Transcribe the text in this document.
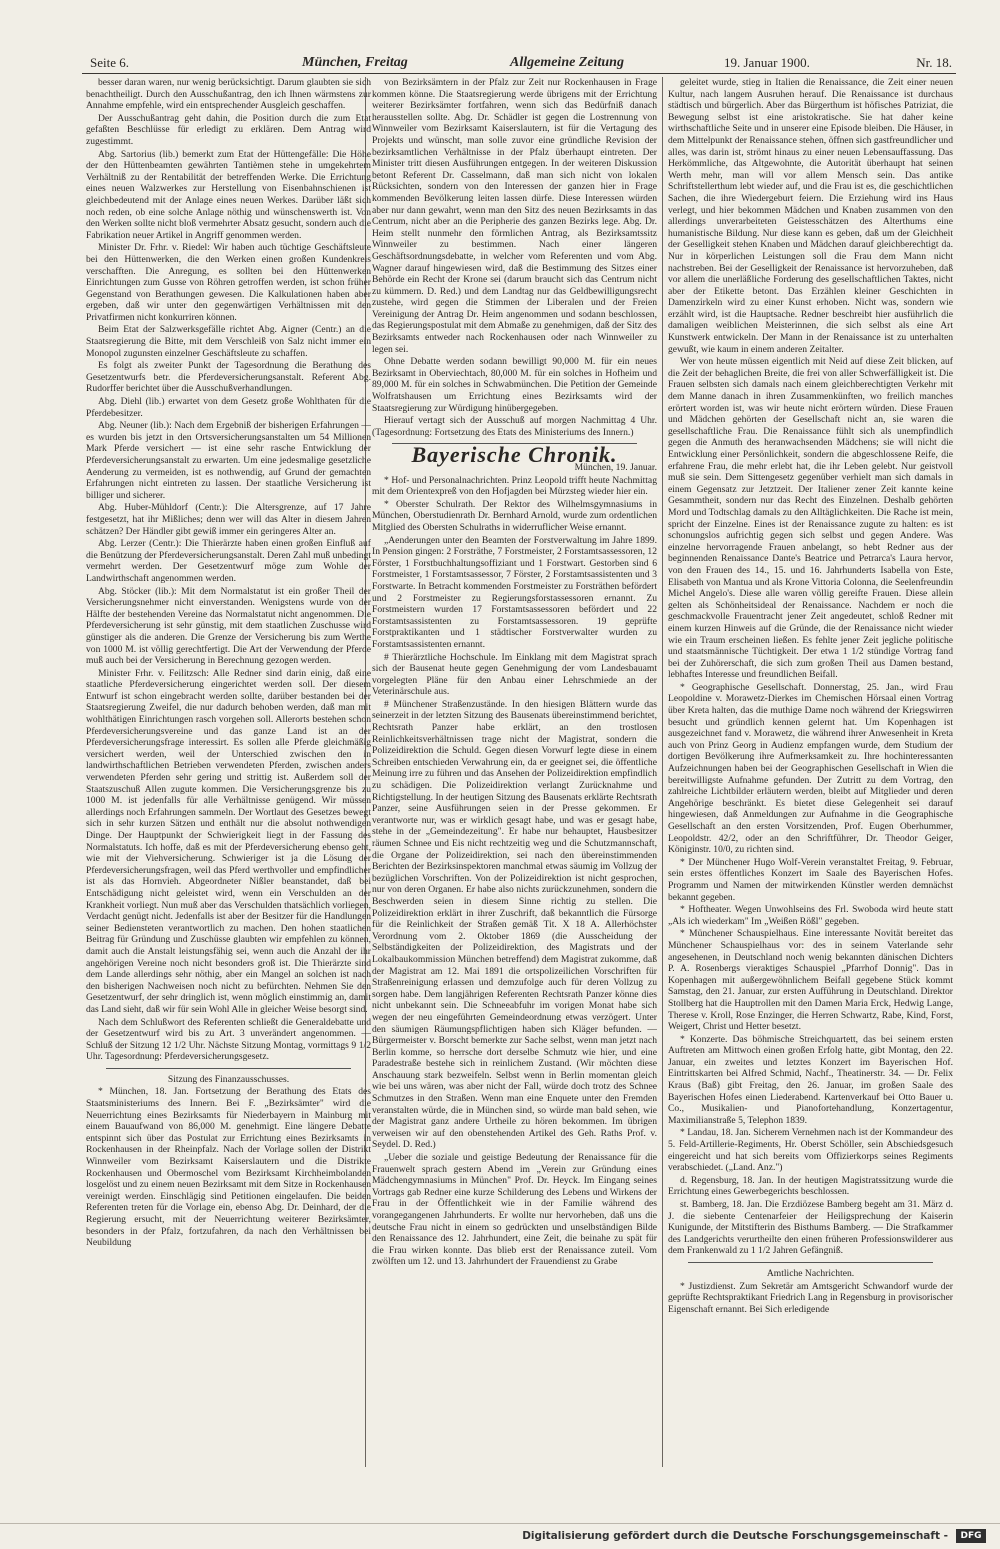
Seite 6.	München, Freitag	Allgemeine Zeitung	19. Januar 1900.	Nr. 18.

besser daran waren, nur wenig berücksichtigt. Darum glaubten sie sich benachtheiligt. Durch den Ausschußantrag, den ich Ihnen wärmstens zur Annahme empfehle, wird ein entsprechender Ausgleich geschaffen.

Der Ausschußantrag geht dahin, die Position durch die zum Etat gefaßten Beschlüsse für erledigt zu erklären. Dem Antrag wird zugestimmt.

Abg. Sartorius (lib.) bemerkt zum Etat der Hüttengefälle: Die Höhe der den Hüttenbeamten gewährten Tantièmen stehe in umgekehrtem Verhältniß zu der Rentabilität der betreffenden Werke. Die Errichtung eines neuen Walzwerkes zur Herstellung von Eisenbahnschienen ist gleichbedeutend mit der Anlage eines neuen Werkes. Darüber läßt sich noch reden, ob eine solche Anlage nöthig und wünschenswerth ist. Von den Werken sollte nicht bloß vermehrter Absatz gesucht, sondern auch die Fabrikation neuer Artikel in Angriff genommen werden.

Minister Dr. Frhr. v. Riedel: Wir haben auch tüchtige Geschäftsleute bei den Hüttenwerken, die den Werken einen großen Kundenkreis verschafften. Die Anregung, es sollten bei den Hüttenwerken Einrichtungen zum Gusse von Röhren getroffen werden, ist schon früher Gegenstand von Berathungen gewesen. Die Kalkulationen haben aber ergeben, daß wir unter den gegenwärtigen Verhältnissen mit den Privatfirmen nicht konkurriren können.

Beim Etat der Salzwerksgefälle richtet Abg. Aigner (Centr.) an die Staatsregierung die Bitte, mit dem Verschleiß von Salz nicht immer ein Monopol zugunsten einzelner Geschäftsleute zu schaffen.

Es folgt als zweiter Punkt der Tagesordnung die Berathung des Gesetzentwurfs betr. die Pferdeversicherungsanstalt. Referent Abg. Rudorffer berichtet über die Ausschußverhandlungen.

Abg. Diehl (lib.) erwartet von dem Gesetz große Wohlthaten für die Pferdebesitzer.

Abg. Neuner (lib.): Nach dem Ergebniß der bisherigen Erfahrungen — es wurden bis jetzt in den Ortsversicherungsanstalten um 54 Millionen Mark Pferde versichert — ist eine sehr rasche Entwicklung der Pferdeversicherungsanstalt zu erwarten. Um eine jedesmalige gesetzliche Aenderung zu vermeiden, ist es nothwendig, auf Grund der gemachten Erfahrungen nicht eintreten zu lassen. Der staatliche Versicherung ist billiger und sicherer.

Abg. Huber-Mühldorf (Centr.): Die Altersgrenze, auf 17 Jahre festgesetzt, hat ihr Mißliches; denn wer will das Alter in diesem Jahren schätzen? Der Händler gibt gewiß immer ein geringeres Alter an.

Abg. Lerzer (Centr.): Die Thierärzte haben einen großen Einfluß auf die Benützung der Pferdeversicherungsanstalt. Deren Zahl muß unbedingt vermehrt werden. Der Gesetzentwurf möge zum Wohle der Landwirthschaft angenommen werden.

Abg. Stöcker (lib.): Mit dem Normalstatut ist ein großer Theil der Versicherungsnehmer nicht einverstanden. Wenigstens wurde von der Hälfte der bestehenden Vereine das Normalstatut nicht angenommen. Die Pferdeversicherung ist sehr günstig, mit dem staatlichen Zuschusse wird günstiger als die anderen. Die Grenze der Versicherung bis zum Werthe von 1000 M. ist völlig gerechtfertigt. Die Art der Verwendung der Pferde muß auch bei der Versicherung in Berechnung gezogen werden.

Minister Frhr. v. Feilitzsch: Alle Redner sind darin einig, daß eine staatliche Pferdeversicherung eingerichtet werden soll. Der diesem Entwurf ist schon eingebracht werden sollte, darüber bestanden bei der Staatsregierung Zweifel, die nur dadurch behoben werden, daß man mit wohlthätigen Einrichtungen rasch vorgehen soll. Allerorts bestehen schon Pferdeversicherungsvereine und das ganze Land ist an der Pferdeversicherungsfrage interessirt. Es sollen alle Pferde gleichmäßig versichert werden, weil der Unterschied zwischen den in landwirthschaftlichen Betrieben verwendeten Pferden, zwischen anders verwendeten Pferden sehr gering und strittig ist. Außerdem soll der Staatszuschuß Allen zugute kommen. Die Versicherungsgrenze bis zu 1000 M. ist jedenfalls für alle Verhältnisse genügend. Wir müssen allerdings noch Erfahrungen sammeln. Der Wortlaut des Gesetzes bewegt sich in sehr kurzen Sätzen und enthält nur die absolut nothwendigen Dinge. Der Hauptpunkt der Schwierigkeit liegt in der Fassung des Normalstatuts. Ich hoffe, daß es mit der Pferdeversicherung ebenso geht, wie mit der Viehversicherung. Schwieriger ist ja die Lösung der Pferdeversicherungsfragen, weil das Pferd werthvoller und empfindlicher ist als das Hornvieh. Abgeordneter Nißler beanstandet, daß bei Entschädigung nicht geleistet wird, wenn ein Verschulden an der Krankheit vorliegt. Nun muß aber das Verschulden thatsächlich vorliegen, Verdacht genügt nicht. Jedenfalls ist aber der Besitzer für die Handlungen seiner Bediensteten verantwortlich zu machen. Den hohen staatlichen Beitrag für Gründung und Zuschüsse glaubten wir empfehlen zu können, damit auch die Anstalt leistungsfähig sei, wenn auch die Anzahl der ihr angehörigen Vereine noch nicht besonders groß ist. Die Thierärzte sind dem Lande allerdings sehr nöthig, aber ein Mangel an solchen ist nach den bisherigen Nachweisen noch nicht zu befürchten. Nehmen Sie den Gesetzentwurf, der sehr dringlich ist, wenn möglich einstimmig an, damit das Land sieht, daß wir für sein Wohl Alle in gleicher Weise besorgt sind.

Nach dem Schlußwort des Referenten schließt die Generaldebatte und der Gesetzentwurf wird bis zu Art. 3 unverändert angenommen. — Schluß der Sitzung 12 1/2 Uhr. Nächste Sitzung Montag, vormittags 9 1/2 Uhr. Tagesordnung: Pferdeversicherungsgesetz.

Sitzung des Finanzausschusses.

* München, 18. Jan. Fortsetzung der Berathung des Etats des Staatsministeriums des Innern. Bei F. „Bezirksämter" wird die Neuerrichtung eines Bezirksamts für Niederbayern in Mainburg mit einem Bauaufwand von 86,000 M. genehmigt. Eine längere Debatte entspinnt sich über das Postulat zur Errichtung eines Bezirksamts in Rockenhausen in der Rheinpfalz. Nach der Vorlage sollen der Distrikt Winnweiler vom Bezirksamt Kaiserslautern und die Distrikte Rockenhausen und Obermoschel vom Bezirksamt Kirchheimbolanden losgelöst und zu einem neuen Bezirksamt mit dem Sitze in Rockenhausen vereinigt werden. Einschlägig sind Petitionen eingelaufen. Die beiden Referenten treten für die Vorlage ein, ebenso Abg. Dr. Deinhard, der die Regierung ersucht, mit der Neuerrichtung weiterer Bezirksämter, besonders in der Pfalz, fortzufahren, da nach den Verhältnissen bei Neubildung

von Bezirksämtern in der Pfalz zur Zeit nur Rockenhausen in Frage kommen könne. Die Staatsregierung werde übrigens mit der Errichtung weiterer Bezirksämter fortfahren, wenn sich das Bedürfniß danach herausstellen sollte. Abg. Dr. Schädler ist gegen die Lostrennung von Winnweiler vom Bezirksamt Kaiserslautern, ist für die Vertagung des Projekts und wünscht, man solle zuvor eine gründliche Revision der bezirksamtlichen Verhältnisse in der Pfalz überhaupt eintreten. Der Minister tritt diesen Ausführungen entgegen. In der weiteren Diskussion betont Referent Dr. Casselmann, daß man sich nicht von lokalen Rücksichten, sondern von den Interessen der ganzen hier in Frage kommenden Bevölkerung leiten lassen dürfe. Diese Interessen würden aber nur dann gewahrt, wenn man den Sitz des neuen Bezirksamts in das Centrum, nicht aber an die Peripherie des ganzen Bezirks lege. Abg. Dr. Heim stellt nunmehr den förmlichen Antrag, als Bezirksamtssitz Winnweiler zu bestimmen. Nach einer längeren Geschäftsordnungsdebatte, in welcher vom Referenten und vom Abg. Wagner darauf hingewiesen wird, daß die Bestimmung des Sitzes einer Behörde ein Recht der Krone sei (darum braucht sich das Centrum nicht zu kümmern. D. Red.) und dem Landtag nur das Geldbewilligungsrecht zustehe, wird gegen die Stimmen der Liberalen und der Freien Vereinigung der Antrag Dr. Heim angenommen und sodann beschlossen, das Regierungspostulat mit dem Abmaße zu genehmigen, daß der Sitz des Bezirksamts entweder nach Rockenhausen oder nach Winnweiler zu legen sei.

Ohne Debatte werden sodann bewilligt 90,000 M. für ein neues Bezirksamt in Oberviechtach, 80,000 M. für ein solches in Hofheim und 89,000 M. für ein solches in Schwabmünchen. Die Petition der Gemeinde Wolfratshausen um Errichtung eines Bezirksamts wird der Staatsregierung zur Würdigung hinübergegeben.

Hierauf vertagt sich der Ausschuß auf morgen Nachmittag 4 Uhr. (Tagesordnung: Fortsetzung des Etats des Ministeriums des Innern.)

Bayerische Chronik.

München, 19. Januar.

* Hof- und Personalnachrichten. Prinz Leopold trifft heute Nachmittag mit dem Orientexpreß von den Hofjagden bei Mürzsteg wieder hier ein.

* Oberster Schulrath. Der Rektor des Wilhelmsgymnasiums in München, Oberstudienrath Dr. Bernhard Arnold, wurde zum ordentlichen Mitglied des Obersten Schulraths in widerruflicher Weise ernannt.

„Aenderungen unter den Beamten der Forstverwaltung im Jahre 1899. In Pension gingen: 2 Forsträthe, 7 Forstmeister, 2 Forstamtsassessoren, 12 Förster, 1 Forstbuchhaltungsoffiziant und 1 Forstwart. Gestorben sind 6 Forstmeister, 1 Forstamtsassessor, 7 Förster, 2 Forstamtsassistenten und 3 Forstwarte. In Betracht kommenden Forstmeister zu Forsträthen befördert und 2 Forstmeister zu Regierungsforstassessoren ernannt. Zu Forstmeistern wurden 17 Forstamtsassessoren befördert und 22 Forstamtsassistenten zu Forstamtsassessoren. 19 geprüfte Forstpraktikanten und 1 städtischer Forstverwalter wurden zu Forstamtsassistenten ernannt.

# Thierärztliche Hochschule. Im Einklang mit dem Magistrat sprach sich der Bausenat heute gegen Genehmigung der vom Landesbauamt vorgelegten Pläne für den Anbau einer Lehrschmiede an der Veterinärschule aus.

# Münchener Straßenzustände. In den hiesigen Blättern wurde das seinerzeit in der letzten Sitzung des Bausenats übereinstimmend berichtet, Rechtsrath Panzer habe erklärt, an den trostlosen Reinlichkeitsverhältnissen trage nicht der Magistrat, sondern die Polizeidirektion die Schuld. Gegen diesen Vorwurf legte diese in einem Schreiben entschieden Verwahrung ein, da er geeignet sei, die öffentliche Meinung irre zu führen und das Ansehen der Polizeidirektion empfindlich zu schädigen. Die Polizeidirektion verlangt Zurücknahme und Richtigstellung. In der heutigen Sitzung des Bausenats erklärte Rechtsrath Panzer, seine Ausführungen seien in der Presse gekommen. Er verantworte nur, was er wirklich gesagt habe, und was er gesagt habe, stehe in der „Gemeindezeitung". Er habe nur behauptet, Hausbesitzer räumen Schnee und Eis nicht rechtzeitig weg und die Schutzmannschaft, die Organe der Polizeidirektion, sei nach den übereinstimmenden Berichten der Bezirksinspektoren manchmal etwas säumig im Vollzug der bezüglichen Vorschriften. Von der Polizeidirektion ist nicht gesprochen, nur von deren Organen. Er habe also nichts zurückzunehmen, sondern die Beschwerden seien in diesem Sinne richtig zu stellen. Die Polizeidirektion erklärt in ihrer Zuschrift, daß bekanntlich die Fürsorge für die Reinlichkeit der Straßen gemäß Tit. X 18 A. Allerhöchster Verordnung vom 2. Oktober 1869 (die Ausscheidung der Selbständigkeiten der Polizeidirektion, des Magistrats und der Lokalbaukommission München betreffend) dem Magistrat zukomme, daß der Magistrat am 12. Mai 1891 die ortspolizeilichen Vorschriften für Straßenreinigung erlassen und demzufolge auch für deren Vollzug zu sorgen habe. Dem langjährigen Referenten Rechtsrath Panzer könne dies nicht unbekannt sein. Die Schneeabfuhr im vorigen Monat habe sich wegen der neu eingeführten Gemeindeordnung etwas verzögert. Unter den säumigen Räumungspflichtigen haben sich Kläger befunden. — Bürgermeister v. Borscht bemerkte zur Sache selbst, wenn man jetzt nach Berlin komme, so herrsche dort derselbe Schmutz wie hier, und eine Paradestraße bestehe sich in reinlichem Zustand. (Wir möchten diese Anschauung stark bezweifeln. Selbst wenn in Berlin momentan gleich wie bei uns wären, was aber nicht der Fall, würde doch trotz des Schnee Schmutzes in den Straßen. Wenn man eine Enquete unter den Fremden veranstalten würde, die in München sind, so würde man bald sehen, wie der Magistrat ganz andere Urtheile zu hören bekommen. Im übrigen verweisen wir auf den obenstehenden Artikel des Geh. Raths Prof. v. Seydel. D. Red.)

„Ueber die soziale und geistige Bedeutung der Renaissance für die Frauenwelt sprach gestern Abend im „Verein zur Gründung eines Mädchengymnasiums in München" Prof. Dr. Heyck. Im Eingang seines Vortrags gab Redner eine kurze Schilderung des Lebens und Wirkens der Frau in der Öffentlichkeit wie in der Familie während des vorangegangenen Jahrhunderts. Er wollte nur hervorheben, daß uns die deutsche Frau nicht in einem so gedrückten und unselbständigen Bilde den Renaissance des 12. Jahrhundert, eine Zeit, die beinahe zu spät für die Frau wirken konnte. Das blieb erst der Renaissance zuteil. Vom zwölften um 12. und 13. Jahrhundert der Frauendienst zu Grabe

geleitet wurde, stieg in Italien die Renaissance, die Zeit einer neuen Kultur, nach langem Ausruhen herauf. Die Renaissance ist durchaus städtisch und bürgerlich. Aber das Bürgerthum ist höfisches Patriziat, die Bewegung selbst ist eine aristokratische. Sie hat daher keine wirthschaftliche Seite und in unserer eine Episode bleiben. Die Häuser, in dem Mittelpunkt der Renaissance stehen, öffnen sich gastfreundlicher und alles, was darin ist, strömt hinaus zu einer neuen Lebensauffassung. Das Herkömmliche, das Altgewohnte, die Autorität überhaupt hat seinen Werth mehr, man will vor allem Mensch sein. Das antike Schriftstellerthum lebt wieder auf, und die Frau ist es, die geschichtlichen Sachen, die ihre Wiedergeburt feiern. Die Erziehung wird ins Haus verlegt, und hier bekommen Mädchen und Knaben zusammen von den allerdings unverarbeiteten Geistesschätzen des Alterthums eine humanistische Bildung. Nur diese kann es geben, daß um der Gleichheit der Geselligkeit stehen Knaben und Mädchen darauf gleichberechtigt da. Nur in körperlichen Leistungen soll die Frau dem Mann nicht nachstreben. Bei der Geselligkeit der Renaissance ist hervorzuheben, daß vor allem die unerläßliche Forderung des gesellschaftlichen Taktes, nicht aber der Etikette betont. Das Erzählen kleiner Geschichten in Damenzirkeln wird zu einer Kunst erhoben. Nicht was, sondern wie erzählt wird, ist die Hauptsache. Redner beschreibt hier ausführlich die damaligen weiblichen Meisterinnen, die sich selbst als eine Art Kunstwerk entwickeln. Der Mann in der Renaissance ist zu unterhalten gewußt, wie kaum in einem anderen Zeitalter.

Wer von heute müssen eigentlich mit Neid auf diese Zeit blicken, auf die Zeit der behaglichen Breite, die frei von aller Schwerfälligkeit ist. Die Frauen selbsten sich damals nach einem gleichberechtigten Verkehr mit dem Manne danach in ihren Zusammenkünften, wo freilich manches erörtert worden ist, was wir heute nicht erörtern würden. Diese Frauen und Mädchen gehörten der Gesellschaft nicht an, sie waren die gesellschaftliche Frau. Die Renaissance fühlt sich als unempfindlich gegen die Anmuth des heranwachsenden Mädchens; sie will nicht die Entwicklung einer Persönlichkeit, sondern die abgeschlossene Reife, die erfahrene Frau, die mehr erlebt hat, die ihr Leben gelebt. Nur geistvoll muß sie sein. Dem Sittengesetz gegenüber verhielt man sich damals in einem Gegensatz zur Jetztzeit. Der Italiener zener Zeit kannte keine Gesammtheit, sondern nur das Recht des Einzelnen. Deshalb gehörten Mord und Todtschlag damals zu den Alltäglichkeiten. Die Rache ist mein, spricht der Einzelne. Eines ist der Renaissance zugute zu halten: es ist schonungslos aufrichtig gegen sich selbst und gegen Andere. Was einzelne hervorragende Frauen anbelangt, so hebt Redner aus der beginnenden Renaissance Dante's Beatrice und Petrarca's Laura hervor, von den Frauen des 14., 15. und 16. Jahrhunderts Isabella von Este, Elisabeth von Mantua und als Krone Vittoria Colonna, die Seelenfreundin Michel Angelo's. Diese alle waren völlig gereifte Frauen. Diese allein gelten als Schönheitsideal der Renaissance. Nachdem er noch die geschmackvolle Frauentracht jener Zeit angedeutet, schloß Redner mit einem kurzen Hinweis auf die Gründe, die der Renaissance nicht wieder wie ein Traum erscheinen ließen. Es fehlte jener Zeit jegliche politische und staatsmännische Tüchtigkeit. Der etwa 1 1/2 stündige Vortrag fand bei der Zuhörerschaft, die sich zum großen Theil aus Damen bestand, lebhaftes Interesse und freundlichen Beifall.

* Geographische Gesellschaft. Donnerstag, 25. Jan., wird Frau Leopoldine v. Morawetz-Dierkes im Chemischen Hörsaal einen Vortrag über Kreta halten, das die muthige Dame noch während der Kriegswirren besucht und gründlich kennen gelernt hat. Um Kopenhagen ist ausgezeichnet fand v. Morawetz, die während ihrer Anwesenheit in Kreta auch von Prinz Georg in Audienz empfangen wurde, dem Studium der dortigen Bevölkerung ihre Aufmerksamkeit zu. Ihre hochinteressanten Aufzeichnungen haben bei der Geographischen Gesellschaft in Wien die bereitwilligste Aufnahme gefunden. Der Zutritt zu dem Vortrag, den zahlreiche Lichtbilder erläutern werden, bleibt auf Mitglieder und deren Angehörige beschränkt. Es bietet diese Gelegenheit sei darauf hingewiesen, daß Anmeldungen zur Aufnahme in die Geographische Gesellschaft an den ersten Vorsitzenden, Prof. Eugen Oberhummer, Leopoldstr. 42/2, oder an den Schriftführer, Dr. Theodor Geiger, Königinstr. 10/0, zu richten sind.

* Der Münchener Hugo Wolf-Verein veranstaltet Freitag, 9. Februar, sein erstes öffentliches Konzert im Saale des Bayerischen Hofes. Programm und Namen der mitwirkenden Künstler werden demnächst bekannt gegeben.

* Hoftheater. Wegen Unwohlseins des Frl. Swoboda wird heute statt „Als ich wiederkam" Im „Weißen Rößl" gegeben.

* Münchener Schauspielhaus. Eine interessante Novität bereitet das Münchener Schauspielhaus vor: des in seinem Vaterlande sehr angesehenen, in Deutschland noch wenig bekannten dänischen Dichters P. A. Rosenbergs vieraktiges Schauspiel „Pfarrhof Donnig". Das in Kopenhagen mit außergewöhnlichem Beifall gegebene Stück kommt Samstag, den 21. Januar, zur ersten Aufführung in Deutschland. Direktor Stollberg hat die Hauptrollen mit den Damen Maria Erck, Hedwig Lange, Therese v. Kroll, Rose Enzinger, die Herren Schwartz, Rabe, Kind, Forst, Weigert, Christ und Hetter besetzt.

* Konzerte. Das böhmische Streichquartett, das bei seinem ersten Auftreten am Mittwoch einen großen Erfolg hatte, gibt Montag, den 22. Januar, ein zweites und letztes Konzert im Bayerischen Hof. Eintrittskarten bei Alfred Schmid, Nachf., Theatinerstr. 34. — Dr. Felix Kraus (Baß) gibt Freitag, den 26. Januar, im großen Saale des Bayerischen Hofes einen Liederabend. Kartenverkauf bei Otto Bauer u. Co., Musikalien- und Pianofortehandlung, Konzertagentur, Maximilianstraße 5, Telephon 1839.

* Landau, 18. Jan. Sicherem Vernehmen nach ist der Kommandeur des 5. Feld-Artillerie-Regiments, Hr. Oberst Schöller, sein Abschiedsgesuch eingereicht und hat sich bereits vom Offizierkorps seines Regiments verabschiedet. („Land. Anz.")

d. Regensburg, 18. Jan. In der heutigen Magistratssitzung wurde die Errichtung eines Gewerbegerichts beschlossen.

st. Bamberg, 18. Jan. Die Erzdiözese Bamberg begeht am 31. März d. J. die siebente Centenarfeier der Heiligsprechung der Kaiserin Kunigunde, der Mitstifterin des Bisthums Bamberg. — Die Strafkammer des Landgerichts verurtheilte den einen früheren Professionswilderer aus dem Frankenwald zu 1 1/2 Jahren Gefängniß.

Amtliche Nachrichten.

* Justizdienst. Zum Sekretär am Amtsgericht Schwandorf wurde der geprüfte Rechtspraktikant Friedrich Lang in Regensburg in provisorischer Eigenschaft ernannt. Bei Sich erledigende

Digitalisierung gefördert durch die Deutsche Forschungsgemeinschaft -	DFG
